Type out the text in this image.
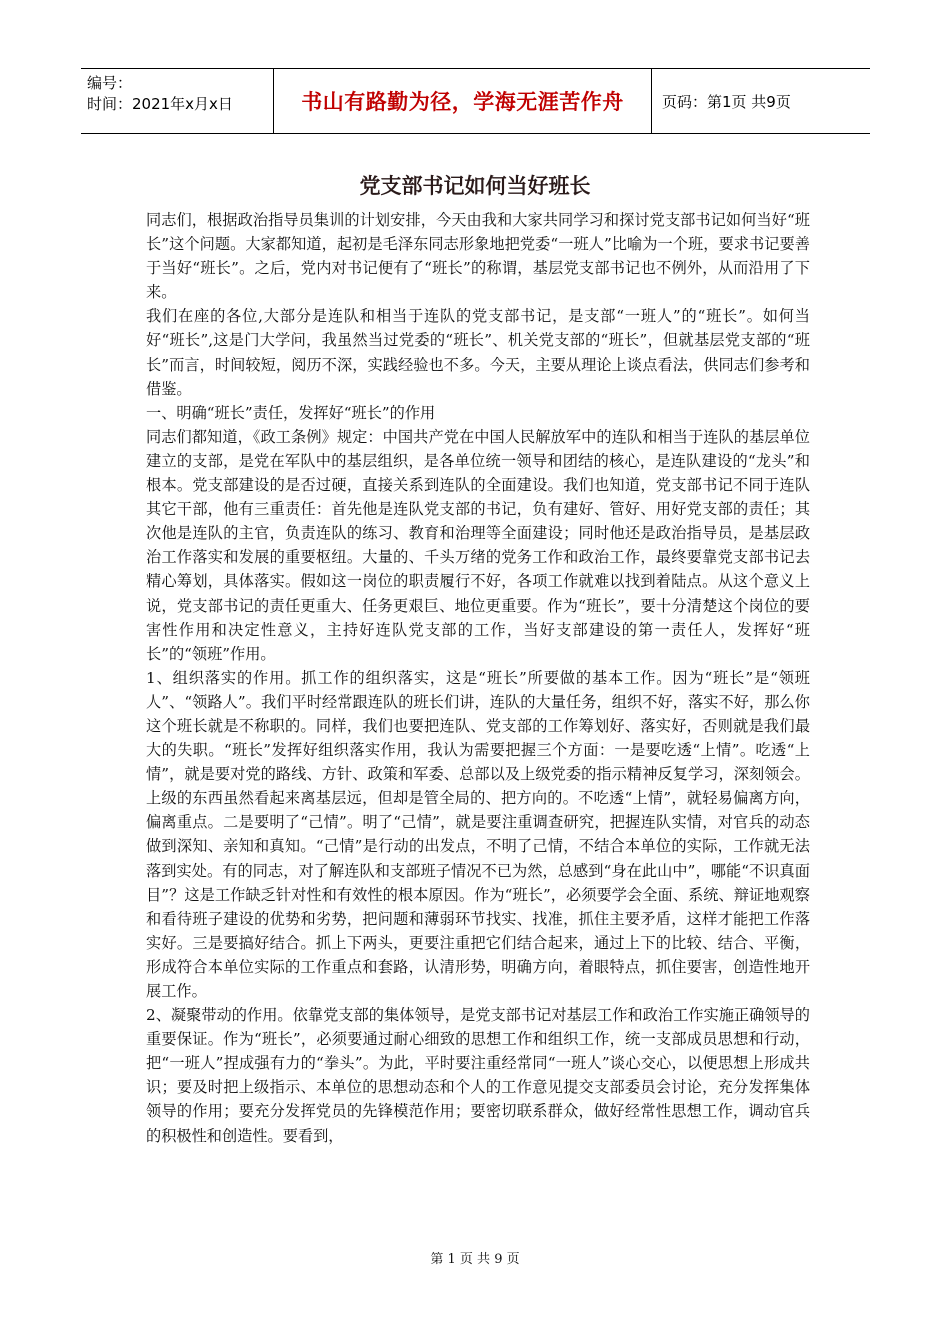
编号：
时间：2021年x月x日	书山有路勤为径，学海无涯苦作舟	页码：第1页 共9页
党支部书记如何当好班长

同志们，根据政治指导员集训的计划安排，今天由我和大家共同学习和探讨党支部书记如何当好“班长”这个问题。大家都知道，起初是毛泽东同志形象地把党委“一班人”比喻为一个班，要求书记要善于当好“班长”。之后，党内对书记便有了“班长”的称谓，基层党支部书记也不例外，从而沿用了下来。

我们在座的各位,大部分是连队和相当于连队的党支部书记，是支部“一班人”的“班长”。如何当好“班长”,这是门大学问，我虽然当过党委的“班长”、机关党支部的“班长”，但就基层党支部的“班长”而言，时间较短，阅历不深，实践经验也不多。今天，主要从理论上谈点看法，供同志们参考和借鉴。

一、明确“班长”责任，发挥好“班长”的作用

同志们都知道，《政工条例》规定：中国共产党在中国人民解放军中的连队和相当于连队的基层单位建立的支部，是党在军队中的基层组织，是各单位统一领导和团结的核心，是连队建设的“龙头”和根本。党支部建设的是否过硬，直接关系到连队的全面建设。我们也知道，党支部书记不同于连队其它干部，他有三重责任：首先他是连队党支部的书记，负有建好、管好、用好党支部的责任；其次他是连队的主官，负责连队的练习、教育和治理等全面建设；同时他还是政治指导员，是基层政治工作落实和发展的重要枢纽。大量的、千头万绪的党务工作和政治工作，最终要靠党支部书记去精心筹划，具体落实。假如这一岗位的职责履行不好，各项工作就难以找到着陆点。从这个意义上说，党支部书记的责任更重大、任务更艰巨、地位更重要。作为“班长”，要十分清楚这个岗位的要害性作用和决定性意义，主持好连队党支部的工作，当好支部建设的第一责任人，发挥好“班长”的“领班”作用。

1、组织落实的作用。抓工作的组织落实，这是“班长”所要做的基本工作。因为“班长”是“领班人”、“领路人”。我们平时经常跟连队的班长们讲，连队的大量任务，组织不好，落实不好，那么你这个班长就是不称职的。同样，我们也要把连队、党支部的工作筹划好、落实好，否则就是我们最大的失职。“班长”发挥好组织落实作用，我认为需要把握三个方面：一是要吃透“上情”。吃透“上情”，就是要对党的路线、方针、政策和军委、总部以及上级党委的指示精神反复学习，深刻领会。上级的东西虽然看起来离基层远，但却是管全局的、把方向的。不吃透“上情”，就轻易偏离方向，偏离重点。二是要明了“己情”。明了“己情”，就是要注重调查研究，把握连队实情，对官兵的动态做到深知、亲知和真知。“己情”是行动的出发点，不明了己情，不结合本单位的实际，工作就无法落到实处。有的同志，对了解连队和支部班子情况不已为然，总感到“身在此山中”，哪能“不识真面目”？这是工作缺乏针对性和有效性的根本原因。作为“班长”，必须要学会全面、系统、辩证地观察和看待班子建设的优势和劣势，把问题和薄弱环节找实、找准，抓住主要矛盾，这样才能把工作落实好。三是要搞好结合。抓上下两头，更要注重把它们结合起来，通过上下的比较、结合、平衡，形成符合本单位实际的工作重点和套路，认清形势，明确方向，着眼特点，抓住要害，创造性地开展工作。

2、凝聚带动的作用。依靠党支部的集体领导，是党支部书记对基层工作和政治工作实施正确领导的重要保证。作为“班长”，必须要通过耐心细致的思想工作和组织工作，统一支部成员思想和行动，把“一班人”捏成强有力的“拳头”。为此，平时要注重经常同“一班人”谈心交心，以便思想上形成共识；要及时把上级指示、本单位的思想动态和个人的工作意见提交支部委员会讨论，充分发挥集体领导的作用；要充分发挥党员的先锋模范作用；要密切联系群众，做好经常性思想工作，调动官兵的积极性和创造性。要看到，

第 1 页 共 9 页
